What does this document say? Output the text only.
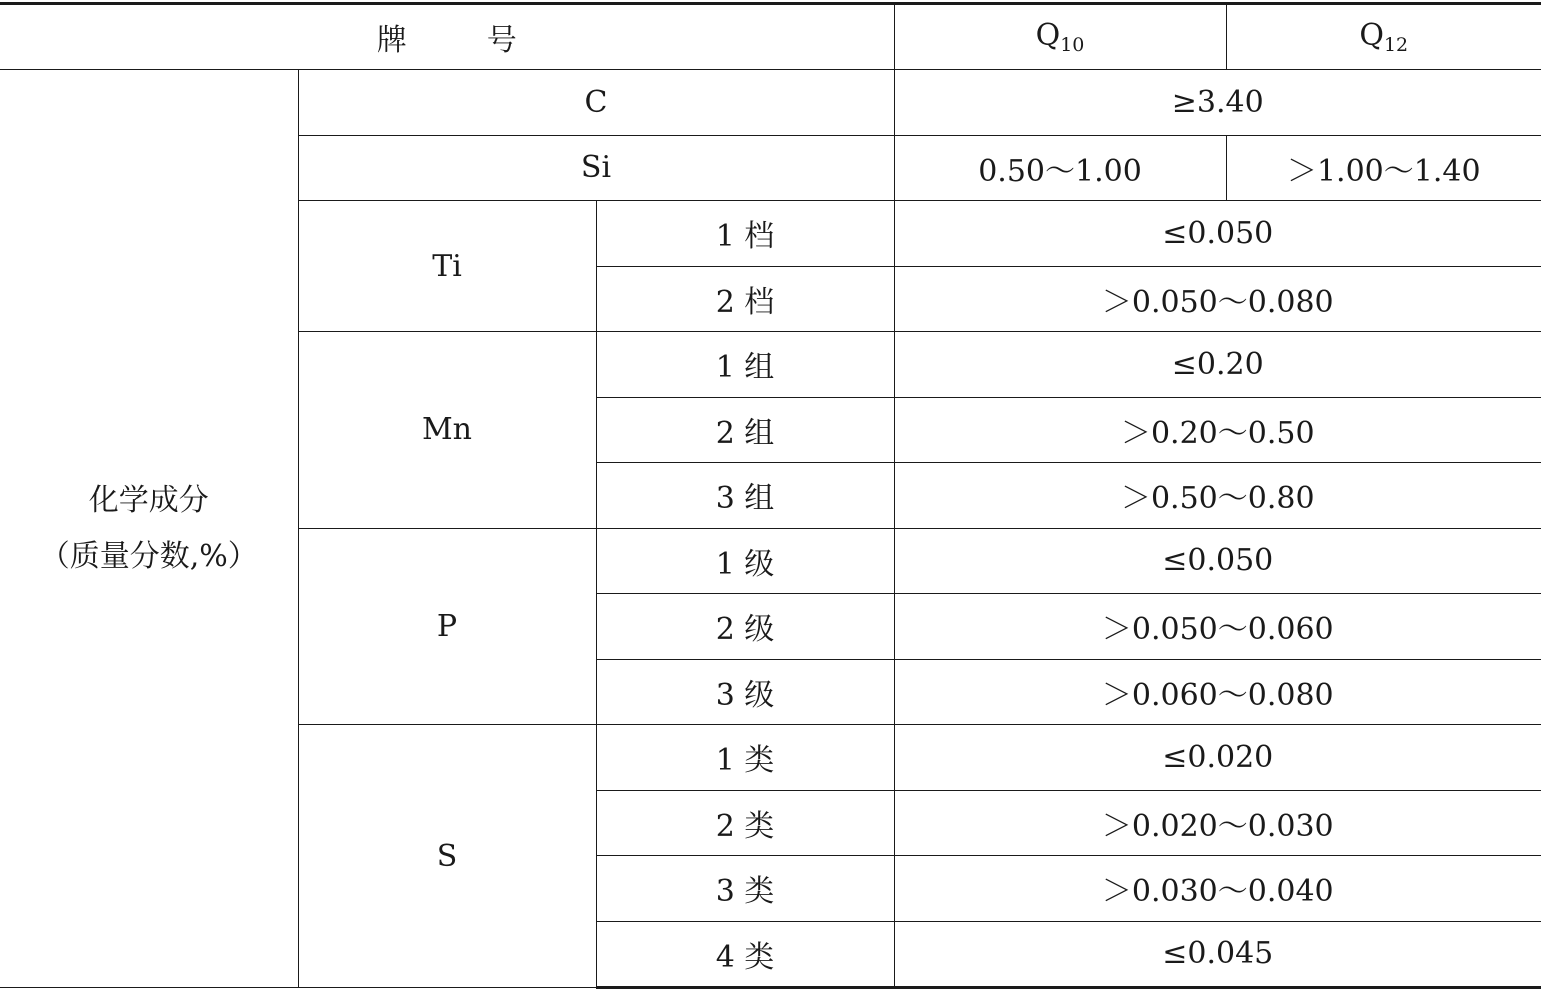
牌 号			$Q_{10}$	$Q_{12}$

化学成分
（质量分数,%）	C		≥3.40	
	Si		0.50～1.00	＞1.00～1.40
	Ti	1 档	≤0.050	
		2 档	＞0.050～0.080	
	Mn	1 组	≤0.20	
		2 组	＞0.20～0.50	
		3 组	＞0.50～0.80	
	P	1 级	≤0.050	
		2 级	＞0.050～0.060	
		3 级	＞0.060～0.080	
	S	1 类	≤0.020	
		2 类	＞0.020～0.030	
		3 类	＞0.030～0.040	
		4 类	≤0.045	
